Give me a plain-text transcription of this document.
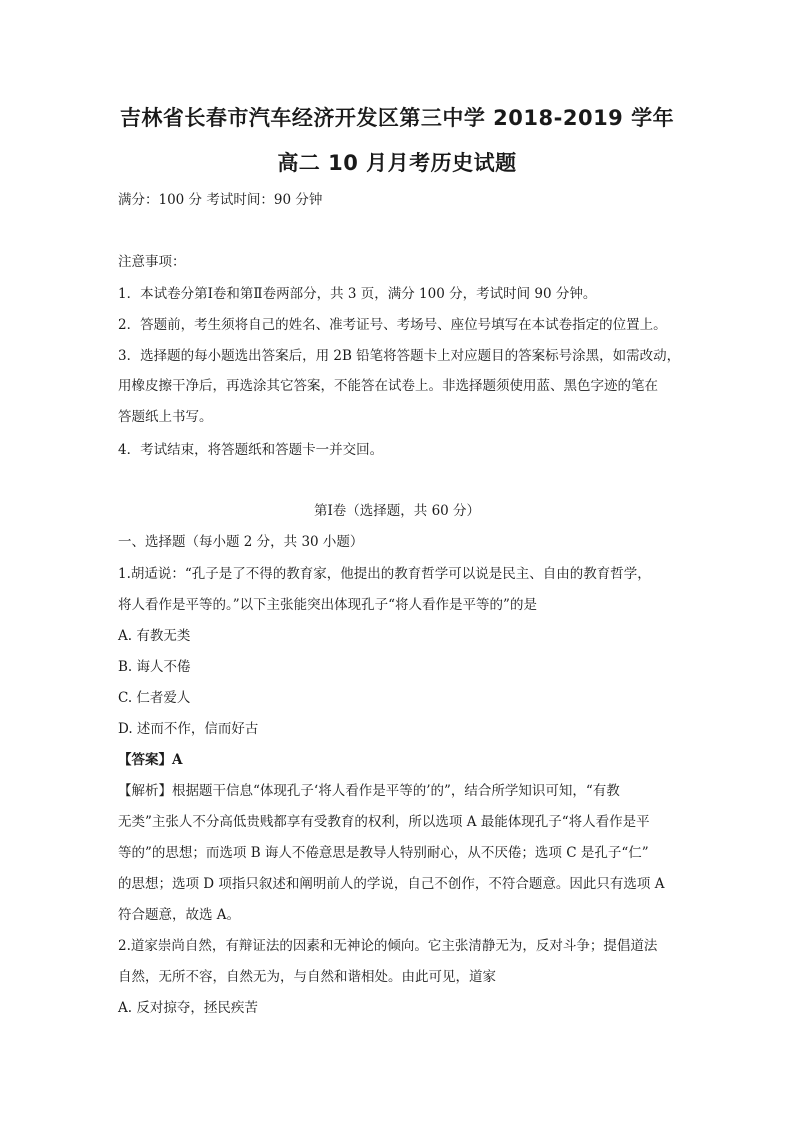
吉林省长春市汽车经济开发区第三中学 2018-2019 学年
高二 10 月月考历史试题
满分：100 分 考试时间：90 分钟
注意事项：
1．本试卷分第Ⅰ卷和第Ⅱ卷两部分，共 3 页，满分 100 分，考试时间 90 分钟。
2．答题前，考生须将自己的姓名、准考证号、考场号、座位号填写在本试卷指定的位置上。
3．选择题的每小题选出答案后，用 2B 铅笔将答题卡上对应题目的答案标号涂黑，如需改动，
用橡皮擦干净后，再选涂其它答案，不能答在试卷上。非选择题须使用蓝、黑色字迹的笔在
答题纸上书写。
4．考试结束，将答题纸和答题卡一并交回。
第Ⅰ卷（选择题，共 60 分）
一、选择题（每小题 2 分，共 30 小题）
1.胡适说：“孔子是了不得的教育家，他提出的教育哲学可以说是民主、自由的教育哲学，
将人看作是平等的。”以下主张能突出体现孔子“将人看作是平等的”的是
A. 有教无类
B. 诲人不倦
C. 仁者爱人
D. 述而不作，信而好古
【答案】A
【解析】根据题干信息“体现孔子‘将人看作是平等的’的”，结合所学知识可知，“有教
无类”主张人不分高低贵贱都享有受教育的权利，所以选项 A 最能体现孔子“将人看作是平
等的”的思想；而选项 B 诲人不倦意思是教导人特别耐心，从不厌倦；选项 C 是孔子“仁”
的思想；选项 D 项指只叙述和阐明前人的学说，自己不创作，不符合题意。因此只有选项 A
符合题意，故选 A。
2.道家崇尚自然，有辩证法的因素和无神论的倾向。它主张清静无为，反对斗争；提倡道法
自然，无所不容，自然无为，与自然和谐相处。由此可见，道家
A. 反对掠夺，拯民疾苦
